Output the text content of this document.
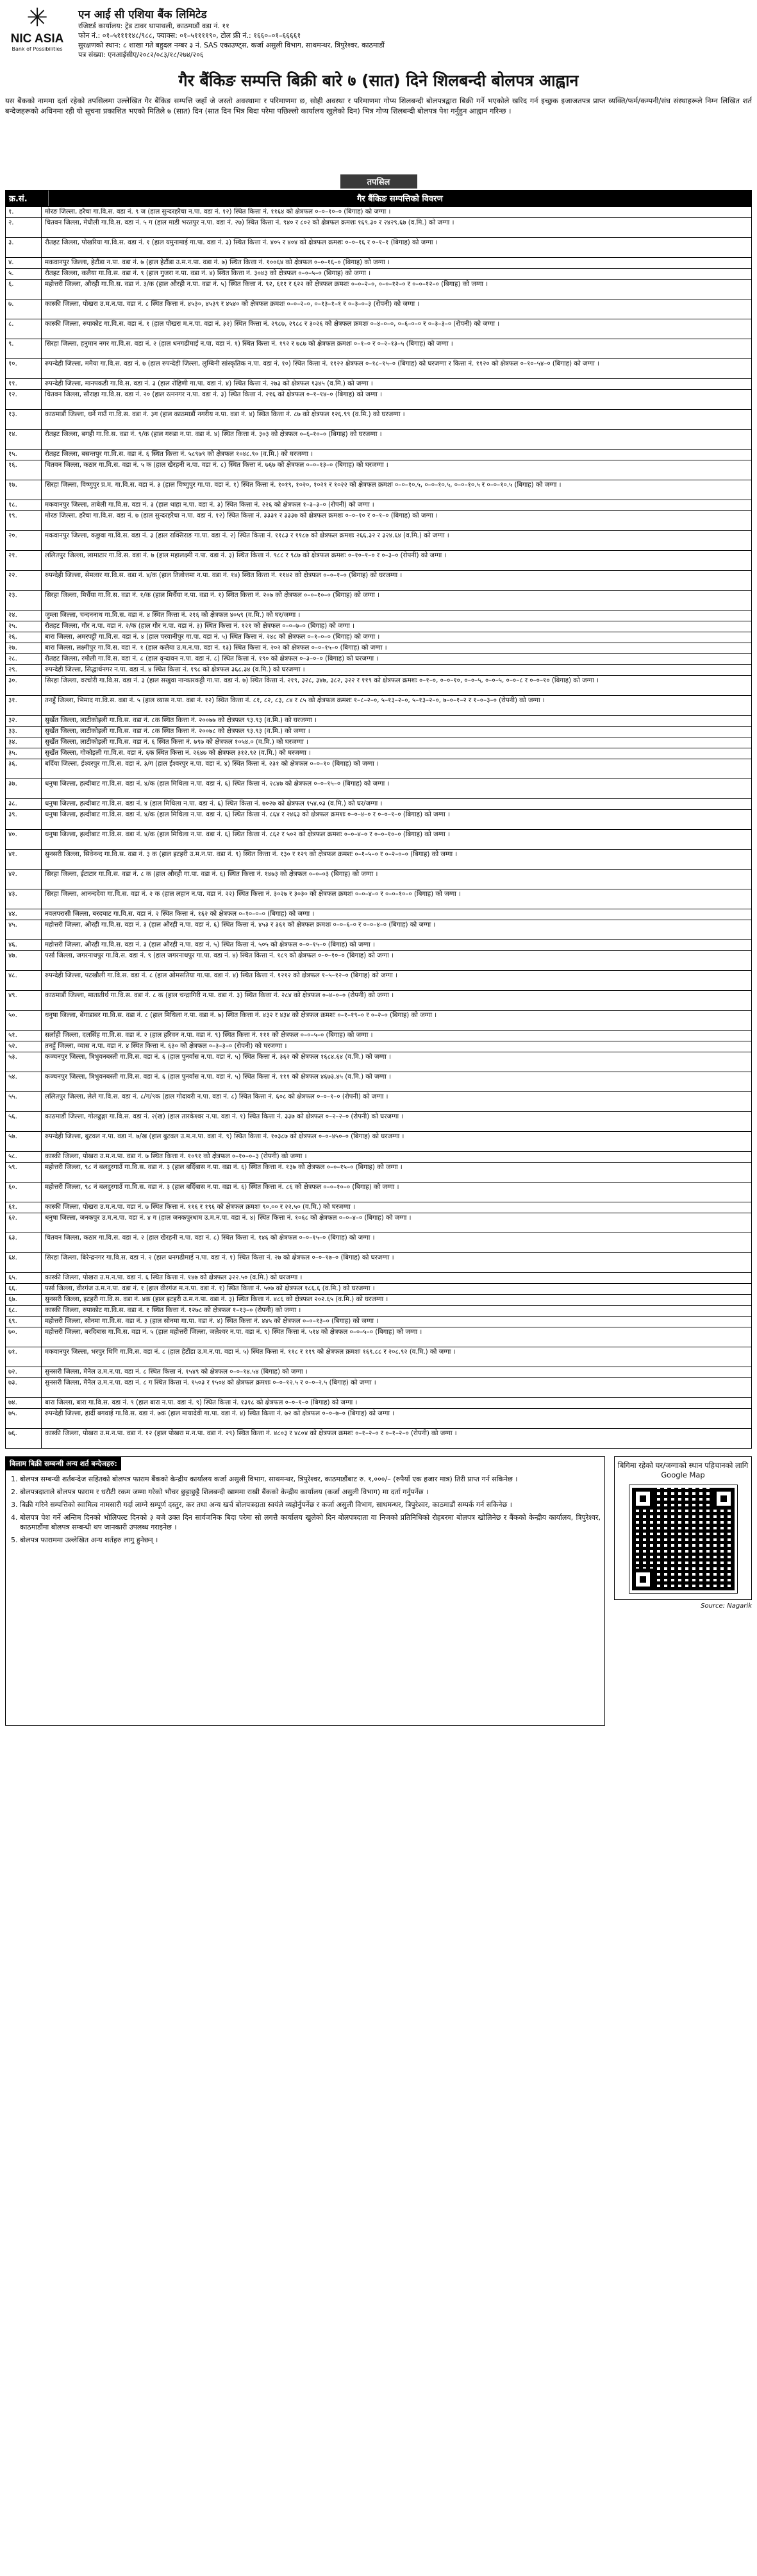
✳
NIC ASIA
Bank of Possibilities
एन आई सी एशिया बैंक लिमिटेड
रजिष्टर्ड कार्यालय: ट्रेड टावर थापाथली, काठमाडौं वडा नं. ११
फोन नं.: ०१–५११११४८/९८८, फ्याक्स: ०१–५११११९०, टोल फ्री नं.: १६६०–०१–६६६६१
सुरक्षणको स्थान: ८ शाखा गते बहुदल नम्बर ३ नं. SAS एकाउण्ट्स, कर्जा असुली विभाग, साथमन्थर, त्रिपुरेश्वर, काठमाडौं
पत्र संख्या: एनआईसीए/२०८२/०८३/१८/२७४/२०६
गैर बैंकिङ सम्पत्ति बिक्री बारे ७ (सात) दिने शिलबन्दी बोलपत्र आह्वान
यस बैंकको नाममा दर्ता रहेको तपसिलमा उल्लेखित गैर बैंकिङ सम्पत्ति जहाँ जे जस्तो अवस्थामा र परिमाणमा छ, सोही अवस्था र परिमाणमा गोप्य शिलबन्दी बोलपत्रद्वारा बिक्री गर्ने भएकोले खरिद गर्न इच्छुक इजाजतपत्र प्राप्त व्यक्ति/फर्म/कम्पनी/संघ संस्थाहरूले निम्न लिखित शर्त बन्देजहरूको अधिनमा रही यो सूचना प्रकाशित भएको मितिले ७ (सात) दिन (सात दिन भित्र बिदा परेमा पछिल्लो कार्यालय खुलेको दिन) भित्र गोप्य शिलबन्दी बोलपत्र पेश गर्नुहुन आह्वान गरिन्छ ।
तपसिल
क्र.सं.	गैर बैंकिङ सम्पत्तिको विवरण
१.	मोरङ जिल्ला, हरैचा गा.वि.स. वडा नं. ९ ज (हाल सुन्दरहरैचा न.पा. वडा नं. १२) स्थित कित्ता नं. ११६४ को क्षेत्रफल ०–०–१०–० (बिगाह) को जग्गा ।
२.	चितवन जिल्ला, मेघौली गा.वि.स. वडा नं. ५ ग (हाल माडी भरतपुर न.पा. वडा नं. २७) स्थित कित्ता नं. ९४० र ८०२ को क्षेत्रफल क्रमशः १६९.३० र २४२९.६७ (व.मि.) को जग्गा ।
३.	रौतहट जिल्ला, पोखरिया गा.वि.स. वडा नं. १ (हाल यमुनामाई गा.पा. वडा नं. ३) स्थित कित्ता नं. ४०५ र ४०४ को क्षेत्रफल क्रमशः ०–०–१६ र ०–१–१ (बिगाह) को जग्गा ।
४.	मकवानपुर जिल्ला, हेटौंडा न.पा. वडा नं. ७ (हाल हेटौंडा उ.म.न.पा. वडा नं. ७) स्थित कित्ता नं. १००६४ को क्षेत्रफल ०–०–१६–० (बिगाह) को जग्गा ।
५.	रौतहट जिल्ला, कलैया गा.वि.स. वडा नं. ९ (हाल गुजरा न.पा. वडा नं. ४) स्थित कित्ता नं. ३०४३ को क्षेत्रफल ०–०–५–० (बिगाह) को जग्गा ।
६.	महोत्तरी जिल्ला, औरही गा.वि.स. वडा नं. ३/क (हाल औरही न.पा. वडा नं. ५) स्थित कित्ता नं. ९२, ६११ र ६२२ को क्षेत्रफल क्रमशः ०–०–२–०, ०–०–१२–० र ०–०–१२–० (बिगाह) को जग्गा ।
७.	कास्की जिल्ला, पोखरा उ.म.न.पा. वडा नं. ८ स्थित कित्ता नं. ४५३०, ४५३९ र ४५४० को क्षेत्रफल क्रमशः ०–०–२–०, ०–१३–१–१ र ०–३–०–३ (रोपनी) को जग्गा ।
८.	कास्की जिल्ला, रुपाकोट गा.वि.स. वडा नं. १ (हाल पोखरा म.न.पा. वडा नं. ३२) स्थित कित्ता नं. २९८७, २९८८ र ३०२६ को क्षेत्रफल क्रमशः ०–४–०–०, ०–६–०–० र ०–३–३–० (रोपनी) को जग्गा ।
९.	सिरहा जिल्ला, हनुमान नगर गा.वि.स. वडा नं. २ (हाल धनगढीमाई न.पा. वडा नं. १) स्थित कित्ता नं. १९२ र ७८७ को क्षेत्रफल क्रमशः ०–१–० र ०–२–१३–५ (बिगाह) को जग्गा ।
१०.	रुपन्देही जिल्ला, ममैया गा.वि.स. वडा नं. ७ (हाल रुपन्देही जिल्ला, लुम्बिनी सांस्कृतिक न.पा. वडा नं. १०) स्थित कित्ता नं. ११२२ क्षेत्रफल ०–१८–१५–० (बिगाह) को घरजग्गा र कित्ता नं. ११२० को क्षेत्रफल ०–१०–५४–० (बिगाह) को जग्गा ।
११.	रुपन्देही जिल्ला, मानपकडी गा.वि.स. वडा नं. ३ (हाल रोहिणी गा.पा. वडा नं. ४) स्थित कित्ता नं. २७३ को क्षेत्रफल १३४५ (व.मि.) को जग्गा ।
१२.	चितवन जिल्ला, सौराहा गा.वि.स. वडा नं. २० (हाल रत्ननगर न.पा. वडा नं. ३) स्थित कित्ता नं. २१६ को क्षेत्रफल ०–१–१४–० (बिगाह) को जग्गा ।
१३.	काठमाडौं जिल्ला, धर्ने गाउँ गा.वि.स. वडा नं. ३ग (हाल काठमाडौं नगरीय न.पा. वडा नं. ४) स्थित कित्ता नं. ८७ को क्षेत्रफल १२६.९९ (व.मि.) को घरजग्गा ।
१४.	रौतहट जिल्ला, बगही गा.वि.स. वडा नं. ९/क (हाल गरुडा न.पा. वडा नं. ४) स्थित कित्ता नं. ३०३ को क्षेत्रफल ०–६–१०–० (बिगाह) को घरजग्गा ।
१५.	रौतहट जिल्ला, बसन्तपुर गा.वि.स. वडा नं. ६ स्थित कित्ता नं. ५८९७९ को क्षेत्रफल १०४८.९० (व.मि.) को घरजग्गा ।
१६.	चितवन जिल्ला, कठार गा.वि.स. वडा नं. ५ क (हाल खैरहनी न.पा. वडा नं. ८) स्थित कित्ता नं. ७६७ को क्षेत्रफल ०–०–१३–० (बिगाह) को घरजग्गा ।
१७.	सिरहा जिल्ला, विष्णुपुर प्र.म. गा.वि.स. वडा नं. ३ (हाल विष्णुपुर गा.पा. वडा नं. १) स्थित कित्ता नं. १०१९, १०२०, १०२१ र १०२२ को क्षेत्रफल क्रमशः ०–०–१०.५, ०–०–१०.५, ०–०–१०.५ र ०–०–१०.५ (बिगाह) को जग्गा ।
१८.	मकवानपुर जिल्ला, ताबेली गा.वि.स. वडा नं. ३ (हाल थाहा न.पा. वडा नं. ३) स्थित कित्ता नं. २२६ को क्षेत्रफल १–३–३–० (रोपनी) को जग्गा ।
१९.	मोरङ जिल्ला, हरैचा गा.वि.स. वडा नं. ७ (हाल सुन्दरहरैचा न.पा. वडा नं. १२) स्थित कित्ता नं. ३३३१ र ३३३७ को क्षेत्रफल क्रमशः ०–०–१० र ०–१–० (बिगाह) को जग्गा ।
२०.	मकवानपुर जिल्ला, कछुवा गा.वि.स. वडा नं. ३ (हाल राक्सिराङ गा.पा. वडा नं. २) स्थित कित्ता नं. ११८३ र ११८७ को क्षेत्रफल क्रमशः २६६.३२ र ३२४.६४ (व.मि.) को जग्गा ।
२१.	ललितपुर जिल्ला, लामाटार गा.वि.स. वडा नं. ७ (हाल महालक्ष्मी न.पा. वडा नं. ३) स्थित कित्ता नं. ९८८ र ९८७ को क्षेत्रफल क्रमशः ०–१०–१–० र ०–३–० (रोपनी) को जग्गा ।
२२.	रुपन्देही जिल्ला, सेमलार गा.वि.स. वडा नं. ४/क (हाल तिलोत्तमा न.पा. वडा नं. १४) स्थित कित्ता नं. ११४२ को क्षेत्रफल ०–०–१–० (बिगाह) को घरजग्गा ।
२३.	सिरहा जिल्ला, मिर्चैया गा.वि.स. वडा नं. १/क (हाल मिर्चैया न.पा. वडा नं. १) स्थित कित्ता नं. २०७ को क्षेत्रफल ०–०–१०–० (बिगाह) को जग्गा ।
२४.	जुम्ला जिल्ला, चन्दननाथ गा.वि.स. वडा नं. ४ स्थित कित्ता नं. २१६ को क्षेत्रफल ४०५९ (व.मि.) को घर/जग्गा ।
२५.	रौतहट जिल्ला, गौर न.पा. वडा नं. २/क (हाल गौर न.पा. वडा नं. ३) स्थित कित्ता नं. १२१ को क्षेत्रफल ०–०–७–० (बिगाह) को जग्गा ।
२६.	बारा जिल्ला, अमरपट्टी गा.वि.स. वडा नं. ४ (हाल परवानीपुर गा.पा. वडा नं. ५) स्थित कित्ता नं. २४८ को क्षेत्रफल ०–१–०–० (बिगाह) को जग्गा ।
२७.	बारा जिल्ला, लक्ष्मीपुर गा.वि.स. वडा नं. १ (हाल कलैया उ.म.न.पा. वडा नं. १३) स्थित कित्ता नं. २०२ को क्षेत्रफल ०–०–१५–० (बिगाह) को जग्गा ।
२८.	रौतहट जिल्ला, रमौली गा.वि.स. वडा नं. ८ (हाल वृन्दावन न.पा. वडा नं. ८) स्थित कित्ता नं. १९० को क्षेत्रफल ०–३–०–० (बिगाह) को घरजग्गा ।
२९.	रुपन्देही जिल्ला, सिद्धार्थनगर न.पा. वडा नं. ४ स्थित कित्ता नं. १९८ को क्षेत्रफल ३६८.३४ (व.मि.) को घरजग्गा ।
३०.	सिरहा जिल्ला, वरचोरी गा.वि.स. वडा नं. ३ (हाल सखुवा नान्कारकट्टी गा.पा. वडा नं. ७) स्थित कित्ता नं. २१९, ३२८, ३४७, ३८२, ३२२ र ११९ को क्षेत्रफल क्रमशः ०–१–०, ०–०–१०, ०–०–५, ०–०–५, ०–०–८ र ०–०–१० (बिगाह) को जग्गा ।
३१.	तनहुँ जिल्ला, भिमाद गा.वि.स. वडा नं. ५ (हाल व्यास न.पा. वडा नं. १२) स्थित कित्ता नं. ८१, ८२, ८३, ८४ र ८५ को क्षेत्रफल क्रमशः १–८–२–०, ५–१३–२–०, ५–१३–२–०, ७–०–१–२ र १–०–३–० (रोपनी) को जग्गा ।
३२.	सुर्खेत जिल्ला, लाटीकोइली गा.वि.स. वडा नं. ८क स्थित कित्ता नं. २००७७ को क्षेत्रफल ९३.९३ (व.मि.) को घरजग्गा ।
३३.	सुर्खेत जिल्ला, लाटीकोइली गा.वि.स. वडा नं. ८क स्थित कित्ता नं. २००७८ को क्षेत्रफल ९३.९३ (व.मि.) को जग्गा ।
३४.	सुर्खेत जिल्ला, लाटीकोइली गा.वि.स. वडा नं. ६ स्थित कित्ता नं. ७९७ को क्षेत्रफल १०५४.० (व.मि.) को घरजग्गा ।
३५.	सुर्खेत जिल्ला, गोकोइली गा.वि.स. वडा नं. ६क स्थित कित्ता नं. २६४७ को क्षेत्रफल ३१२.९२ (व.मि.) को घरजग्गा ।
३६.	बर्दिया जिल्ला, ईश्वरपुर गा.वि.स. वडा नं. ३/ग (हाल ईश्वरपुर न.पा. वडा नं. ४) स्थित कित्ता नं. २३१ को क्षेत्रफल ०–०–१० (बिगाह) को जग्गा ।
३७.	धनुषा जिल्ला, हल्दीबाट गा.वि.स. वडा नं. ४/क (हाल मिथिला न.पा. वडा नं. ६) स्थित कित्ता नं. २८४७ को क्षेत्रफल ०–०–१५–० (बिगाह) को जग्गा ।
३८.	धनुषा जिल्ला, हल्दीबाट गा.वि.स. वडा नं. ४ (हाल मिथिला न.पा. वडा नं. ६) स्थित कित्ता नं. ७०२७ को क्षेत्रफल १५४.०३ (व.मि.) को घर/जग्गा ।
३९.	धनुषा जिल्ला, हल्दीबाट गा.वि.स. वडा नं. ४/क (हाल मिथिला न.पा. वडा नं. ६) स्थित कित्ता नं. ८६४ र २४६३ को क्षेत्रफल क्रमशः ०–०–४–० र ०–०–१–० (बिगाह) को जग्गा ।
४०.	धनुषा जिल्ला, हल्दीबाट गा.वि.स. वडा नं. ४/क (हाल मिथिला न.पा. वडा नं. ६) स्थित कित्ता नं. ८६२ र ५०२ को क्षेत्रफल क्रमशः ०–०–४–० र ०–०–१०–० (बिगाह) को जग्गा ।
४१.	सुनसरी जिल्ला, सिवेनन्द गा.वि.स. वडा नं. ३ क (हाल इटहरी उ.म.न.पा. वडा नं. ९) स्थित कित्ता नं. १३० र १२९ को क्षेत्रफल क्रमशः ०–१–५–० र ०–२–०–० (बिगाह) को जग्गा ।
४२.	सिरहा जिल्ला, ईटाटार गा.वि.स. वडा नं. ८ क (हाल औरही गा.पा. वडा नं. ६) स्थित कित्ता नं. १४७३ को क्षेत्रफल ०–०–०३ (बिगाह) को जग्गा ।
४३.	सिरहा जिल्ला, आनन्ददेवा गा.वि.स. वडा नं. २ क (हाल लहान न.पा. वडा नं. २२) स्थित कित्ता नं. ३०२७ र ३०३० को क्षेत्रफल क्रमशः ०–०–४–० र ०–०–१०–० (बिगाह) को जग्गा ।
४४.	नवलपरासी जिल्ला, बरदघाट गा.वि.स. वडा नं. २ स्थित कित्ता नं. १६२ को क्षेत्रफल ०–१०–०–० (बिगाह) को जग्गा ।
४५.	महोत्तरी जिल्ला, औरही गा.वि.स. वडा नं. ३ (हाल औरही न.पा. वडा नं. ६) स्थित कित्ता नं. ४५३ र ३६१ को क्षेत्रफल क्रमशः ०–०–६–० र ०–०–४–० (बिगाह) को जग्गा ।
४६.	महोत्तरी जिल्ला, औरही गा.वि.स. वडा नं. ३ (हाल औरही न.पा. वडा नं. ५) स्थित कित्ता नं. ५०५ को क्षेत्रफल ०–०–१५–० (बिगाह) को जग्गा ।
४७.	पर्सा जिल्ला, जगरनाथपुर गा.वि.स. वडा नं. ९ (हाल जगरनाथपुर गा.पा. वडा नं. ४) स्थित कित्ता नं. १८९ को क्षेत्रफल ०–०–१०–० (बिगाह) को जग्गा ।
४८.	रुपन्देही जिल्ला, पटखौली गा.वि.स. वडा नं. ८ (हाल ओमसतिया गा.पा. वडा नं. ४) स्थित कित्ता नं. १२१२ को क्षेत्रफल १–५–१२–० (बिगाह) को जग्गा ।
४९.	काठमाडौं जिल्ला, मातातीर्थ गा.वि.स. वडा नं. ८ क (हाल चन्द्रागिरी न.पा. वडा नं. ३) स्थित कित्ता नं. २८४ को क्षेत्रफल ०–४–०–० (रोपनी) को जग्गा ।
५०.	धनुषा जिल्ला, बेंगाडाबर गा.वि.स. वडा नं. ८ (हाल मिथिला न.पा. वडा नं. ७) स्थित कित्ता नं. ४३२ र ४३४ को क्षेत्रफल क्रमशः ०–१–१९–० र ०–२–० (बिगाह) को जग्गा ।
५१.	सर्लाही जिल्ला, दलसिंह गा.वि.स. वडा नं. २ (हाल हरिवन न.पा. वडा नं. ९) स्थित कित्ता नं. १११ को क्षेत्रफल ०–०–५–० (बिगाह) को जग्गा ।
५२.	तनहुँ जिल्ला, व्यास न.पा. वडा नं. ४ स्थित कित्ता नं. ६३० को क्षेत्रफल ०–३–३–० (रोपनी) को घरजग्गा ।
५३.	कञ्चनपुर जिल्ला, त्रिभुवनबस्ती गा.वि.स. वडा नं. ६ (हाल पुनर्वास न.पा. वडा नं. ५) स्थित कित्ता नं. ३६२ को क्षेत्रफल १६८४.६४ (व.मि.) को जग्गा ।
५४.	कञ्चनपुर जिल्ला, त्रिभुवनबस्ती गा.वि.स. वडा नं. ६ (हाल पुनर्वास न.पा. वडा नं. ५) स्थित कित्ता नं. १११ को क्षेत्रफल ४६७३.४५ (व.मि.) को जग्गा ।
५५.	ललितपुर जिल्ला, लेले गा.वि.स. वडा नं. ८/ग/९क (हाल गोदावरी न.पा. वडा नं. ८) स्थित कित्ता नं. ६०८ को क्षेत्रफल ०–०–१–० (रोपनी) को जग्गा ।
५६.	काठमाडौं जिल्ला, गोलढुङ्गा गा.वि.स. वडा नं. २(ख) (हाल तारकेश्वर न.पा. वडा नं. १) स्थित कित्ता नं. ३३७ को क्षेत्रफल ०–२–२–० (रोपनी) को घरजग्गा ।
५७.	रुपन्देही जिल्ला, बुटवल न.पा. वडा नं. ७/ख (हाल बुटवल उ.म.न.पा. वडा नं. ९) स्थित कित्ता नं. १०३८७ को क्षेत्रफल ०–०–४५०–० (बिगाह) को घरजग्गा ।
५८.	कास्की जिल्ला, पोखरा उ.म.न.पा. वडा नं. ७ स्थित कित्ता नं. १०९१ को क्षेत्रफल ०–१०–०–३ (रोपनी) को जग्गा ।
५९.	महोत्तरी जिल्ला, ९८ नं बलदुरगाउँ गा.वि.स. वडा नं. ३ (हाल बर्दिबास न.पा. वडा नं. ६) स्थित कित्ता नं. १३७ को क्षेत्रफल ०–०–१५–० (बिगाह) को जग्गा ।
६०.	महोत्तरी जिल्ला, ९८ नं बलदुरगाउँ गा.वि.स. वडा नं. ३ (हाल बर्दिबास न.पा. वडा नं. ६) स्थित कित्ता नं. ८६ को क्षेत्रफल ०–०–१०–० (बिगाह) को जग्गा ।
६१.	कास्की जिल्ला, पोखरा उ.म.न.पा. वडा नं. ७ स्थित कित्ता नं. ११६ र १९६ को क्षेत्रफल क्रमशः ९०.०० र २२.५० (व.मि.) को घरजग्गा ।
६२.	धनुषा जिल्ला, जनकपुर उ.म.न.पा. वडा नं. ४ ग (हाल जनकपुरधाम उ.म.न.पा. वडा नं. ४) स्थित कित्ता नं. १०६८ को क्षेत्रफल ०–०–४–० (बिगाह) को जग्गा ।
६३.	चितवन जिल्ला, कठार गा.वि.स. वडा नं. २ (हाल खैरहनी न.पा. वडा नं. ८) स्थित कित्ता नं. १४६ को क्षेत्रफल ०–०–१५–० (बिगाह) को जग्गा ।
६४.	सिरहा जिल्ला, बिरेन्द्रनगर गा.वि.स. वडा नं. २ (हाल धनगढीमाई न.पा. वडा नं. १) स्थित कित्ता नं. २७ को क्षेत्रफल ०–०–१७–० (बिगाह) को घरजग्गा ।
६५.	कास्की जिल्ला, पोखरा उ.म.न.पा. वडा नं. ६ स्थित कित्ता नं. १४७ को क्षेत्रफल ३२२.५० (व.मि.) को घरजग्गा ।
६६.	पर्सा जिल्ला, वीरगंज उ.म.न.पा. वडा नं. १ (हाल वीरगंज म.न.पा. वडा नं. १) स्थित कित्ता नं. ५०७ को क्षेत्रफल १८६.६ (व.मि.) को घरजग्गा ।
६७.	सुनसरी जिल्ला, इटहरी गा.वि.स. वडा नं. ४क (हाल इटहरी उ.म.न.पा. वडा नं. ३) स्थित कित्ता नं. ४८६ को क्षेत्रफल २०२.६५ (व.मि.) को घरजग्गा ।
६८.	कास्की जिल्ला, रुपाकोट गा.वि.स. वडा नं. १ स्थित कित्ता नं. १२७८ को क्षेत्रफल १–१३–० (रोपनी) को जग्गा ।
६९.	महोत्तरी जिल्ला, सोनमा गा.वि.स. वडा नं. ३ (हाल सोनमा गा.पा. वडा नं. ४) स्थित कित्ता नं. ४४५ को क्षेत्रफल ०–०–१३–० (बिगाह) को जग्गा ।
७०.	महोत्तरी जिल्ला, बरदिबास गा.वि.स. वडा नं. ५ (हाल महोत्तरी जिल्ला, जलेश्वर न.पा. वडा नं. ९) स्थित कित्ता नं. ५१४ को क्षेत्रफल ०–०–५–० (बिगाह) को जग्गा ।
७१.	मकवानपुर जिल्ला, भरपुर थिगि गा.वि.स. वडा नं. ८ (हाल हेटौंडा उ.म.न.पा. वडा नं. ५) स्थित कित्ता नं. ११८ र ११९ को क्षेत्रफल क्रमशः १६९.८८ र २०८.९२ (व.मि.) को जग्गा ।
७२.	सुनसरी जिल्ला, मैनैल उ.म.न.पा. वडा नं. ८ स्थित कित्ता नं. १५४९ को क्षेत्रफल ०–०–१४.५४ (बिगाह) को जग्गा ।
७३.	सुनसरी जिल्ला, मैनैल उ.म.न.पा. वडा नं. ८ ग स्थित कित्ता नं. १५०३ र १५०४ को क्षेत्रफल क्रमशः ०–०–१२.५ र ०–०–२.५ (बिगाह) को जग्गा ।
७४.	बारा जिल्ला, बारा गा.वि.स. वडा नं. ९ (हाल बारा न.पा. वडा नं. ९) स्थित कित्ता नं. १३१८ को क्षेत्रफल ०–०–१–० (बिगाह) को जग्गा ।
७५.	रुपन्देही जिल्ला, हार्दी बगवाई गा.वि.स. वडा नं. ७क (हाल मायादेवी गा.पा. वडा नं. ४) स्थित कित्ता नं. ७२ को क्षेत्रफल ०–०–७–० (बिगाह) को जग्गा ।
७६.	कास्की जिल्ला, पोखरा उ.म.न.पा. वडा नं. १२ (हाल पोखरा म.न.पा. वडा नं. २९) स्थित कित्ता नं. ४८०३ र ४८०४ को क्षेत्रफल क्रमशः ०–१–२–० र ०–१–२–० (रोपनी) को जग्गा ।
बिलाम बिक्री सम्बन्धी अन्य शर्त बन्देजहरु:
1. बोलपत्र सम्बन्धी शर्तबन्देज सहितको बोलपत्र फाराम बैंकको केन्द्रीय कार्यालय कर्जा असुली विभाग, साथमन्थर, त्रिपुरेश्वर, काठमाडौंबाट रु. १,०००/– (रुपैयाँ एक हजार मात्र) तिरी प्राप्त गर्न सकिनेछ ।
2. बोलपत्रदाताले बोलपत्र फाराम र धरौटी रकम जम्मा गरेको भौचर छुट्टाछुट्टै शिलबन्दी खाममा राखी बैंकको केन्द्रीय कार्यालय (कर्जा असुली विभाग) मा दर्ता गर्नुपर्नेछ ।
3. बिक्री गरिने सम्पत्तिको स्वामित्व नामसारी गर्दा लाग्ने सम्पूर्ण दस्तुर, कर तथा अन्य खर्च बोलपत्रदाता स्वयंले व्यहोर्नुपर्नेछ र कर्जा असुली विभाग, साथमन्थर, त्रिपुरेश्वर, काठमाडौं सम्पर्क गर्न सकिनेछ ।
4. बोलपत्र पेश गर्ने अन्तिम दिनको भोलिपल्ट दिनको ३ बजे उक्त दिन सार्वजनिक बिदा परेमा सो लगत्तै कार्यालय खुलेको दिन बोलपत्रदाता वा निजको प्रतिनिधिको रोहबरमा बोलपत्र खोलिनेछ र बैंकको केन्द्रीय कार्यालय, त्रिपुरेश्वर, काठमाडौंमा बोलपत्र सम्बन्धी थप जानकारी उपलब्ध गराइनेछ ।
5. बोलपत्र फाराममा उल्लेखित अन्य शर्तहरु लागु हुनेछन् ।
बिगिमा रहेको घर/जग्गाको स्थान पहिचानको लागि Google Map
Source: Nagarik
